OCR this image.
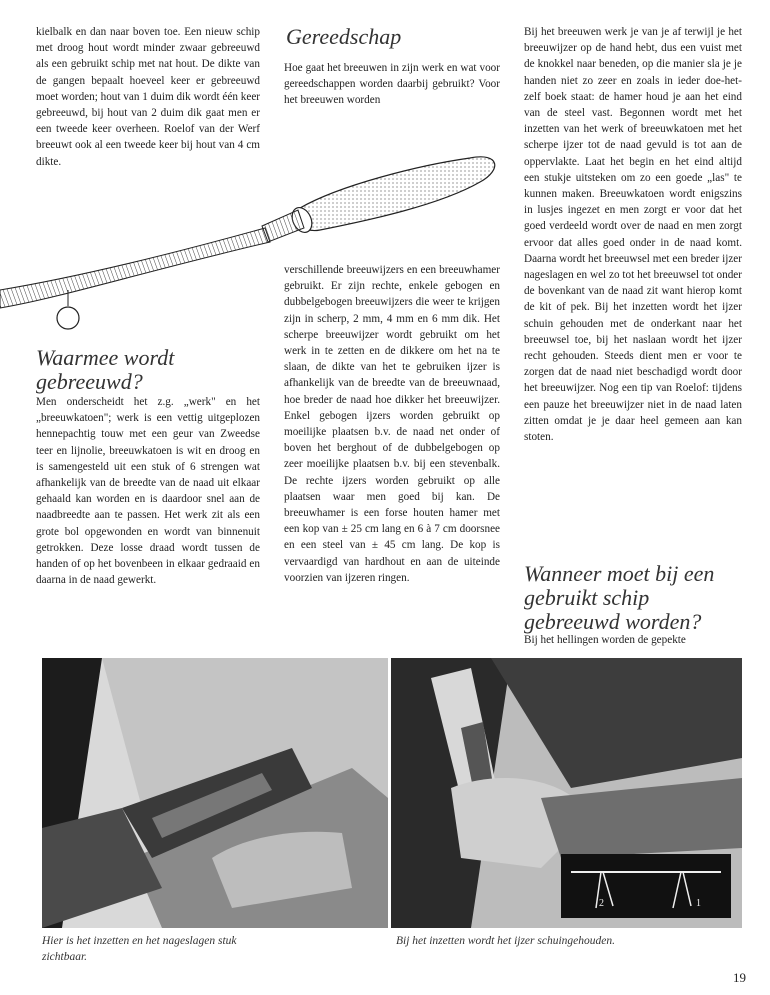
kielbalk en dan naar boven toe. Een nieuw schip met droog hout wordt minder zwaar gebreeuwd als een gebruikt schip met nat hout. De dikte van de gangen bepaalt hoeveel keer er gebreeuwd moet worden; hout van 1 duim dik wordt één keer gebreeuwd, bij hout van 2 duim dik gaat men er een tweede keer overheen. Roelof van der Werf breeuwt ook al een tweede keer bij hout van 4 cm dikte.

Waarmee wordt gebreeuwd?

Men onderscheidt het z.g. „werk" en het „breeuwkatoen"; werk is een vettig uitgeplozen hennepachtig touw met een geur van Zweedse teer en lijnolie, breeuwkatoen is wit en droog en is samengesteld uit een stuk of 6 strengen wat afhankelijk van de breedte van de naad uit elkaar gehaald kan worden en is daardoor snel aan de naadbreedte aan te passen. Het werk zit als een grote bol opgewonden en wordt van binnenuit getrokken. Deze losse draad wordt tussen de handen of op het bovenbeen in elkaar gedraaid en daarna in de naad gewerkt.

Gereedschap

Hoe gaat het breeuwen in zijn werk en wat voor gereedschappen worden daarbij gebruikt? Voor het breeuwen worden

verschillende breeuwijzers en een breeuwhamer gebruikt. Er zijn rechte, enkele gebogen en dubbelgebogen breeuwijzers die weer te krijgen zijn in scherp, 2 mm, 4 mm en 6 mm dik. Het scherpe breeuwijzer wordt gebruikt om het werk in te zetten en de dikkere om het na te slaan, de dikte van het te gebruiken ijzer is afhankelijk van de breedte van de breeuwnaad, hoe breder de naad hoe dikker het breeuwijzer. Enkel gebogen ijzers worden gebruikt op moeilijke plaatsen b.v. de naad net onder of boven het berghout of de dubbelgebogen op zeer moeilijke plaatsen b.v. bij een stevenbalk. De rechte ijzers worden gebruikt op alle plaatsen waar men goed bij kan. De breeuwhamer is een forse houten hamer met een kop van ± 25 cm lang en 6 à 7 cm doorsnee en een steel van ± 45 cm lang. De kop is vervaardigd van hardhout en aan de uiteinde voorzien van ijzeren ringen.

Bij het breeuwen werk je van je af terwijl je het breeuwijzer op de hand hebt, dus een vuist met de knokkel naar beneden, op die manier sla je je handen niet zo zeer en zoals in ieder doe-het-zelf boek staat: de hamer houd je aan het eind van de steel vast. Begonnen wordt met het inzetten van het werk of breeuwkatoen met het scherpe ijzer tot de naad gevuld is tot aan de oppervlakte. Laat het begin en het eind altijd een stukje uitsteken om zo een goede „las" te kunnen maken. Breeuwkatoen wordt enigszins in lusjes ingezet en men zorgt er voor dat het goed verdeeld wordt over de naad en men zorgt ervoor dat alles goed onder in de naad komt. Daarna wordt het breeuwsel met een breder ijzer nageslagen en wel zo tot het breeuwsel tot onder de bovenkant van de naad zit want hierop komt de kit of pek. Bij het inzetten wordt het ijzer schuin gehouden met de onderkant naar het breeuwsel toe, bij het naslaan wordt het ijzer recht gehouden. Steeds dient men er voor te zorgen dat de naad niet beschadigd wordt door het breeuwijzer. Nog een tip van Roelof: tijdens een pauze het breeuwijzer niet in de naad laten zitten omdat je je daar heel gemeen aan kan stoten.

Wanneer moet bij een gebruikt schip gebreeuwd worden?

Bij het hellingen worden de gepekte

2	1
Hier is het inzetten en het nageslagen stuk zichtbaar.
Bij het inzetten wordt het ijzer schuingehouden.
19
